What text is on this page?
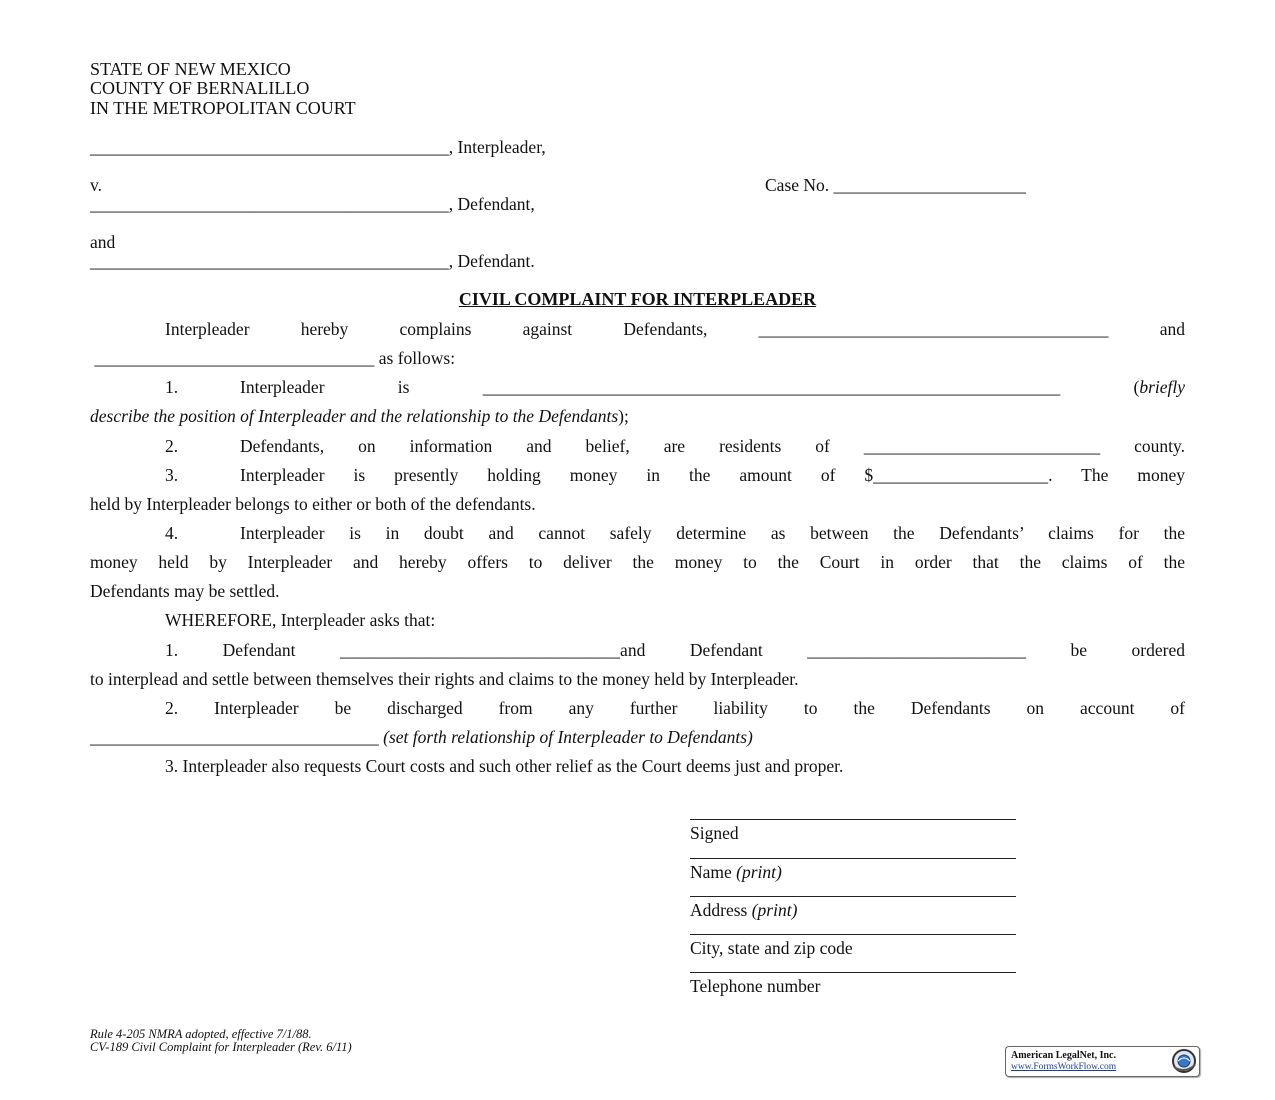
STATE OF NEW MEXICO
COUNTY OF BERNALILLO
IN THE METROPOLITAN COURT
_________________________________________, Interpleader,
v.	Case No. ______________________
_________________________________________, Defendant,
and
_________________________________________, Defendant.
CIVIL COMPLAINT FOR INTERPLEADER
Interpleader hereby complains against Defendants, ________________________________________ and
________________________________ as follows:
1.	Interpleader is __________________________________________________________________ (briefly
describe the position of Interpleader and the relationship to the Defendants);
2.	Defendants, on information and belief, are residents of ___________________________ county.
3.	Interpleader is presently holding money in the amount of $____________________. The money
held by Interpleader belongs to either or both of the defendants.
4.	Interpleader is in doubt and cannot safely determine as between the Defendants’ claims for the
money held by Interpleader and hereby offers to deliver the money to the Court in order that the claims of the
Defendants may be settled.
WHEREFORE, Interpleader asks that:
1. Defendant ________________________________and Defendant _________________________ be ordered
to interplead and settle between themselves their rights and claims to the money held by Interpleader.
2. Interpleader be discharged from any further liability to the Defendants on account of
_________________________________ (set forth relationship of Interpleader to Defendants)
3. Interpleader also requests Court costs and such other relief as the Court deems just and proper.
Signed
Name (print)
Address (print)
City, state and zip code
Telephone number
Rule 4-205 NMRA adopted, effective 7/1/88.
CV-189 Civil Complaint for Interpleader (Rev. 6/11)
American LegalNet, Inc.
www.FormsWorkFlow.com
